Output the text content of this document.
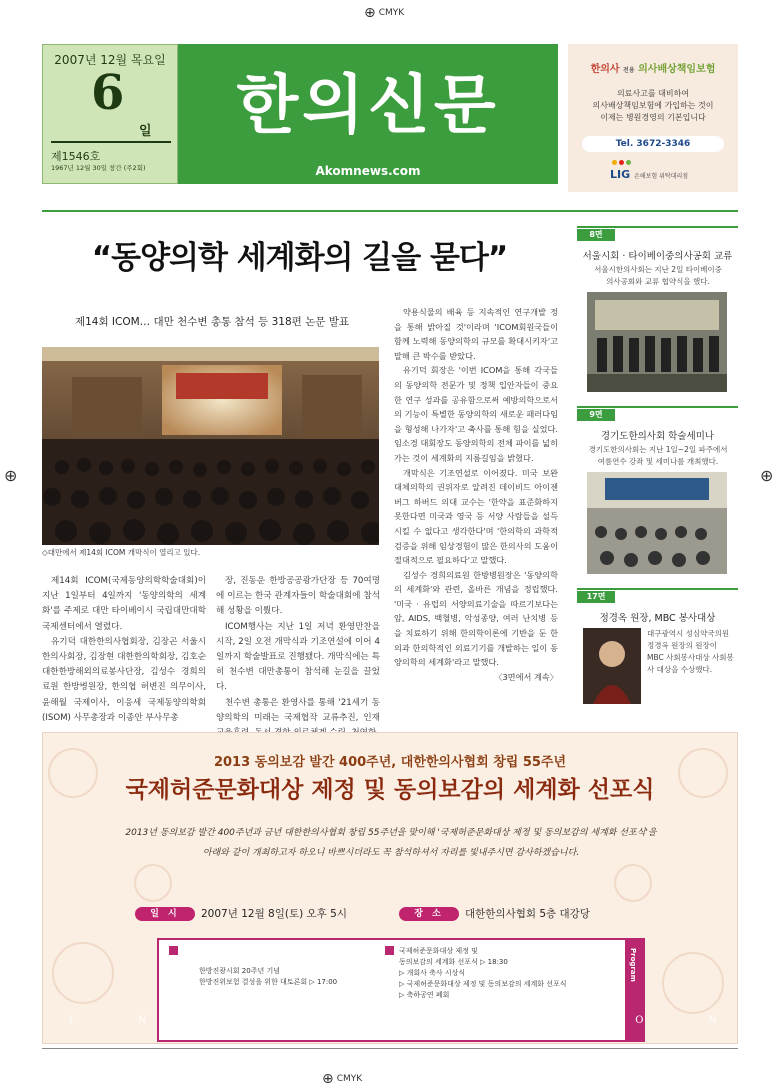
⊕ CMYK
⊕	⊕
2007년 12월 목요일
6
일
제1546호
1967년 12월 30일 창간 (주2회)
한의신문
Akomnews.com
한의사 전용 의사배상책임보험
의료사고를 대비하여
의사배상책임보험에 가입하는 것이
이제는 병원경영의 기본입니다
Tel. 3672-3346
LIG 손해보험 위탁대리점
“동양의학 세계화의 길을 묻다”
제14회 ICOM… 대만 천수변 총통 참석 등 318편 논문 발표
◇대만에서 제14회 ICOM 개막식이 열리고 있다.

제14회 ICOM(국제동양의학학술대회)이 지난 1일부터 4일까지 '동양의학의 세계화'를 주제로 대만 타이베이시 국립대만대학 국제센터에서 열렸다.

유기덕 대한한의사협회장, 김장곤 서울시한의사회장, 김장현 대한한의학회장, 김호순 대한한방해외의료봉사단장, 김성수 경희의료원 한방병원장, 한의협 허변진 의무이사, 윤해월 국제이사, 이응세 국제동양의학회(ISOM) 사무총장과 이종안 부사무총

장, 진동운 한방공공광가단장 등 70여명에 이르는 한국 관계자들이 학술대회에 참석해 성황을 이뤘다.

ICOM행사는 지난 1일 저녁 환영만찬을 시작, 2일 오전 개막식과 기조연설에 이어 4일까지 학술발표로 진행됐다. 개막식에는 특히 천수변 대만총통이 참석해 눈길을 끌었다.

천수변 총통은 환영사를 통해 '21세기 동양의학의 미래는 국제협작 교류추진, 인재

약용식물의 배육 등 지속적인 연구개발 정을 통해 밝아질 것'이라며 'ICOM회원국들이 함께 노력해 동양의학의 규모를 확대시키자'고 말해 큰 박수를 받았다.

유기덕 회장은 '이번 ICOM을 통해 각국들의 동양의학 전문가 및 정책 입안자들이 중요한 연구 성과를 공유함으로써 예방의학으로서의 기능이 특별한 동양의학의 새로운 패러다임을 형성해 나가자'고 축사를 통해 힘을 실었다. 임소경 대회장도 동양의학의 전체 파이를 넓히가는 것이 세계화의 지름길임을 밝혔다.

개막식은 기조연설로 이어졌다. 미국 보완대체의학의 권위자로 알려진 데이비드 아이젠버그 하버드 의대 교수는 '한약을 표준화하지 못한다면 미국과 영국 등 서양 사람들을 설득시킬 수 없다고 생각한다'며 '한의학의 과학적 검증을 위해 임상경험이 많은 한의사의 도움이 절대적으로 필요하다'고 말했다.

김성수 경희의료원 한방병원장은 '동양의학의 세계화'와 관련, 올바른 개념을 정립했다. '미국 · 유럽의 서양의료기술을 따르기보다는 암, AIDS, 백혈병, 악성종양, 여러 난치병 등을 치료하기 위해 한의학이론에 기반을 둔 한의과 한의학적인 의료기기를 개발하는 일이 동양의학의 세계화'라고 말했다.

〈3면에서 계속〉

8면
서울시회 · 타이베이중의사공회 교류
서울시한의사회는 지난 2일 타이베이중의사공회와 교류 협약식을 했다.
9면
경기도한의사회 학술세미나
경기도한의사회는 지난 1일~2일 파주에서 여름연수 강좌 및 세미나를 개최했다.
17면
정경옥 원장, MBC 봉사대상
대구광역시 성심약국의원 정경옥 원장의 원장이 MBC 사회봉사대상 사회봉사 대상을 수상했다.
2013 동의보감 발간 400주년, 대한한의사협회 창립 55주년
국제허준문화대상 제정 및 동의보감의 세계화 선포식
2013년 동의보감 발간 400주년과 금년 대한한의사협회 창립 55주년을 맞이해 '국제허준문화대상 제정 및 동의보감의 세계화 선포식'을
아래와 같이 개최하고자 하오니 바쁘시더라도 꼭 참석하셔서 자리를 빛내주시면 감사하겠습니다.
일 시	2007년 12월 8일(토) 오후 5시	장 소	대한한의사협회 5층 대강당
한방진광시회 20주년 기념
한방진위보험 결성을 위한 대토론회 ▷ 17:00
국제허준문화대상 제정 및
동의보감의 세계화 선포식 ▷ 18:30
▷ 개회사 축사 시상식
▷ 국제허준문화대상 제정 및 동의보감의 세계화 선포식
▷ 축하공연 폐회
Program
I	N	V	I	T	A	T	I	O	N
⊕ CMYK
